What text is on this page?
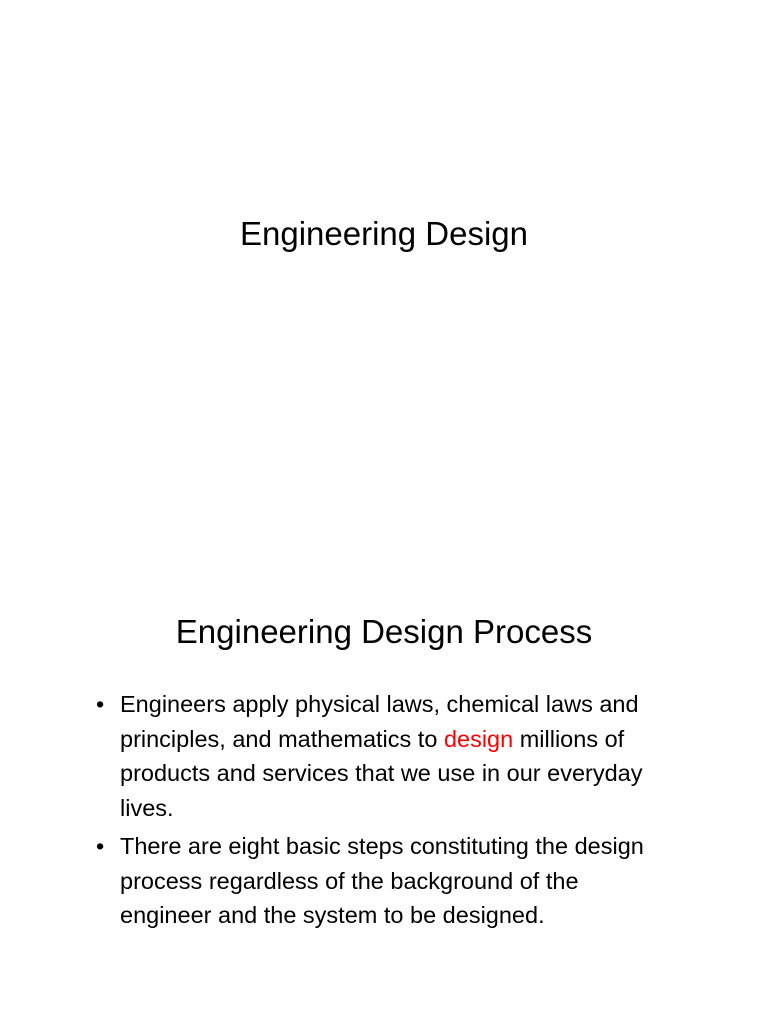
Engineering Design
Engineering Design Process
• Engineers apply physical laws, chemical laws and principles, and mathematics to design millions of products and services that we use in our everyday lives.
• There are eight basic steps constituting the design process regardless of the background of the engineer and the system to be designed.
